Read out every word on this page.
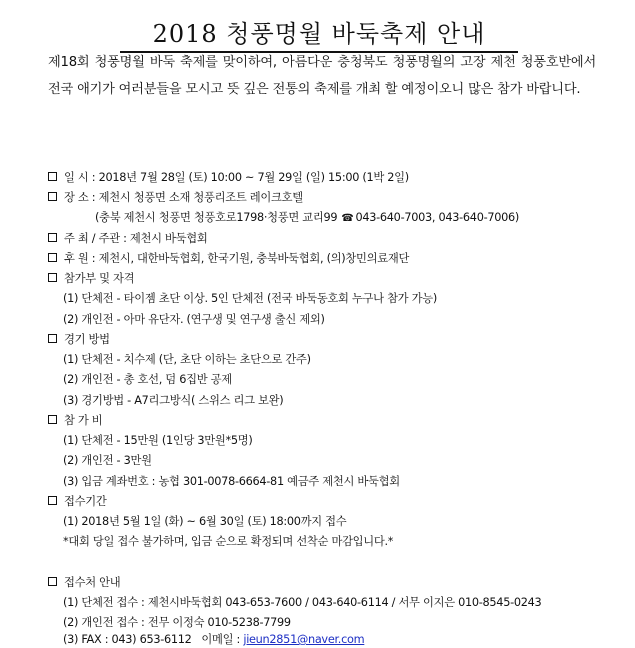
2018 청풍명월 바둑축제 안내

제18회 청풍명월 바둑 축제를 맞이하여, 아름다운 충청북도 청풍명월의 고장 제천 청풍호반에서 전국 애기가 여러분들을 모시고 뜻 깊은 전통의 축제를 개최 할 예정이오니 많은 참가 바랍니다.

일 시 : 2018년 7월 28일 (토) 10:00 ~ 7월 29일 (일) 15:00 (1박 2일)
장 소 : 제천시 청풍면 소재 청풍리조트 레이크호텔
(충북 제천시 청풍면 청풍호로1798·청풍면 교리99 ☎ 043-640-7003, 043-640-7006)
주 최 / 주관 : 제천시 바둑협회
후 원 : 제천시, 대한바둑협회, 한국기원, 충북바둑협회, (의)창민의료재단
참가부 및 자격
(1) 단체전 - 타이젬 초단 이상. 5인 단체전 (전국 바둑동호회 누구나 참가 가능)
(2) 개인전 - 아마 유단자. (연구생 및 연구생 출신 제외)
경기 방법
(1) 단체전 - 치수제 (단, 초단 이하는 초단으로 간주)
(2) 개인전 - 총 호선, 덤 6집반 공제
(3) 경기방법 - A7리그방식( 스위스 리그 보완)
참 가 비
(1) 단체전 - 15만원 (1인당 3만원*5명)
(2) 개인전 - 3만원
(3) 입금 계좌번호 : 농협 301-0078-6664-81 예금주 제천시 바둑협회
접수기간
(1) 2018년 5월 1일 (화) ~ 6월 30일 (토) 18:00까지 접수
*대회 당일 접수 불가하며, 입금 순으로 확정되며 선착순 마감입니다.*
접수처 안내
(1) 단체전 접수 : 제천시바둑협회 043-653-7600 / 043-640-6114 / 서무 이지은 010-8545-0243
(2) 개인전 접수 : 전무 이정숙 010-5238-7799
(3) FAX : 043) 653-6112   이메일 : jieun2851@naver.com
